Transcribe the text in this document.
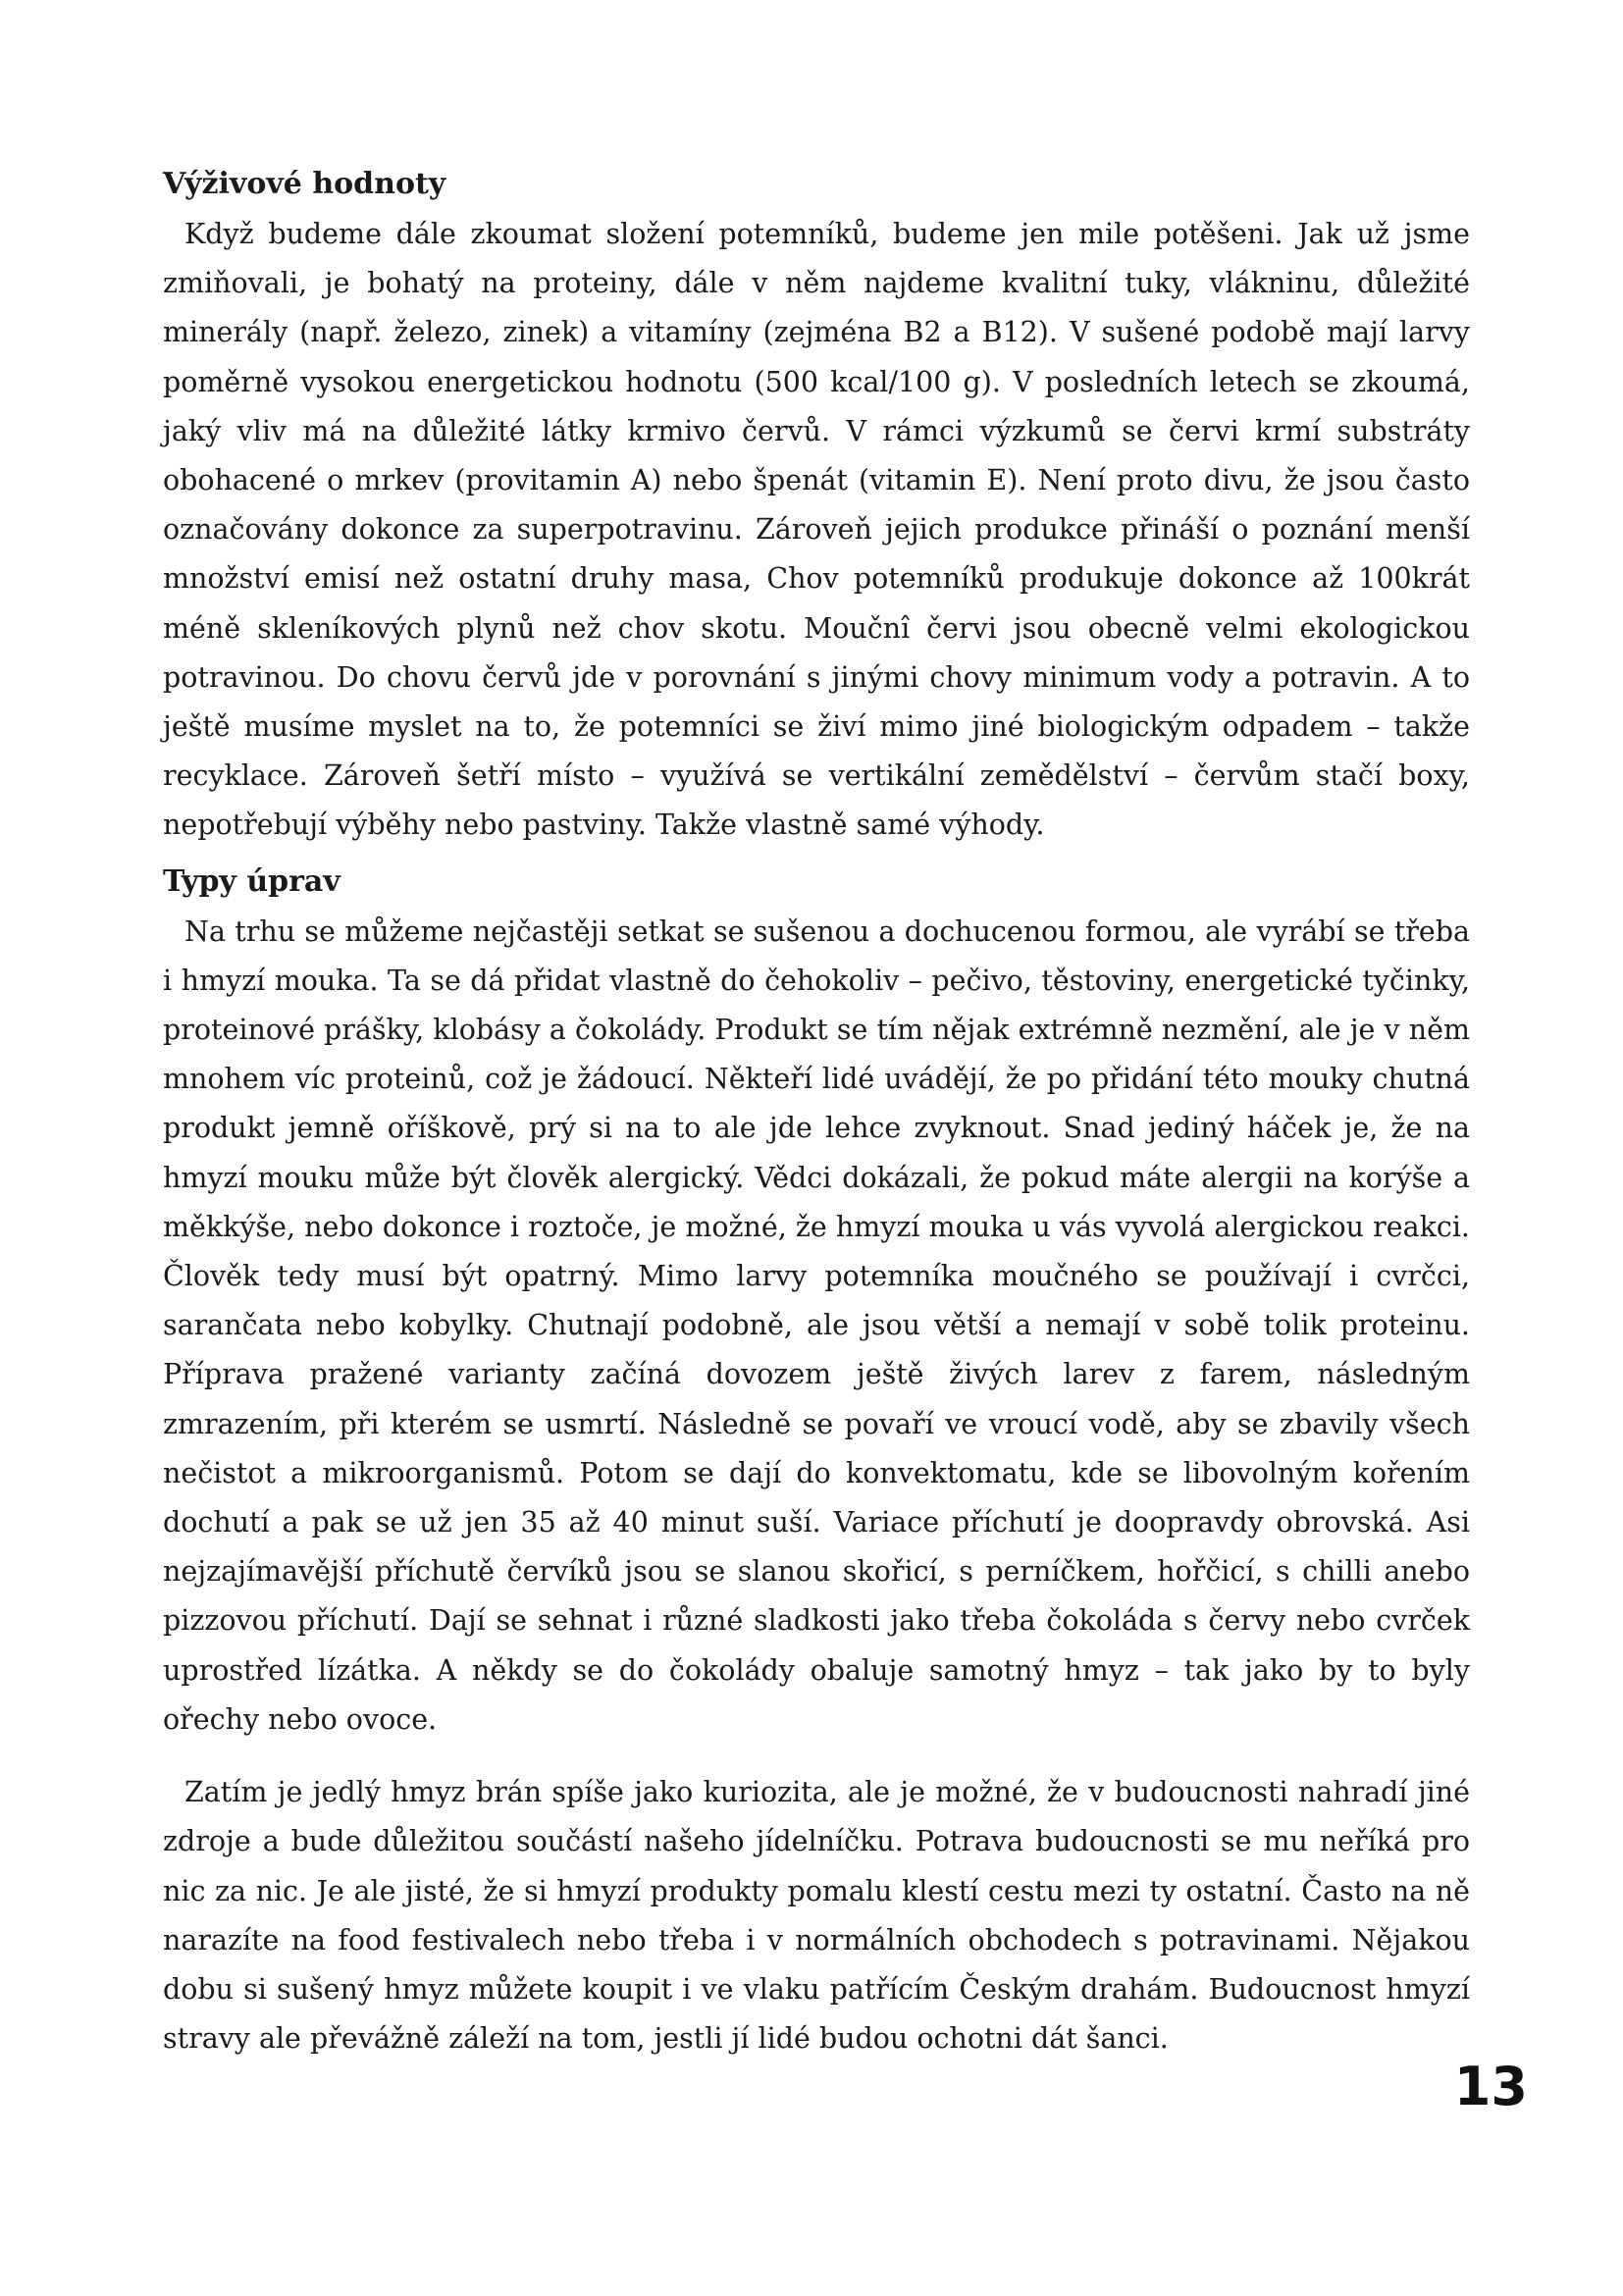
Výživové hodnoty

Když budeme dále zkoumat složení potemníků, budeme jen mile potěšeni. Jak už jsme zmiňovali, je bohatý na proteiny, dále v něm najdeme kvalitní tuky, vlákninu, důležité minerály (např. železo, zinek) a vitamíny (zejména B2 a B12). V sušené podobě mají larvy poměrně vysokou energetickou hodnotu (500 kcal/100 g). V posledních letech se zkoumá, jaký vliv má na důležité látky krmivo červů. V rámci výzkumů se červi krmí substráty obohacené o mrkev (provitamin A) nebo špenát (vitamin E). Není proto divu, že jsou často označovány dokonce za superpotravinu. Zároveň jejich produkce přináší o poznání menší množství emisí než ostatní druhy masa, Chov potemníků produkuje dokonce až 100krát méně skleníkových plynů než chov skotu. Moučnî červi jsou obecně velmi ekologickou potravinou. Do chovu červů jde v porovnání s jinými chovy minimum vody a potravin. A to ještě musíme myslet na to, že potemníci se živí mimo jiné biologickým odpadem – takže recyklace. Zároveň šetří místo – využívá se vertikální zemědělství – červům stačí boxy, nepotřebují výběhy nebo pastviny. Takže vlastně samé výhody.

Typy úprav

Na trhu se můžeme nejčastěji setkat se sušenou a dochucenou formou, ale vyrábí se třeba i hmyzí mouka. Ta se dá přidat vlastně do čehokoliv – pečivo, těstoviny, energetické tyčinky, proteinové prášky, klobásy a čokolády. Produkt se tím nějak extrémně nezmění, ale je v něm mnohem víc proteinů, což je žádoucí. Někteří lidé uvádějí, že po přidání této mouky chutná produkt jemně oříškově, prý si na to ale jde lehce zvyknout. Snad jediný háček je, že na hmyzí mouku může být člověk alergický. Vědci dokázali, že pokud máte alergii na korýše a měkkýše, nebo dokonce i roztoče, je možné, že hmyzí mouka u vás vyvolá alergickou reakci. Člověk tedy musí být opatrný. Mimo larvy potemníka moučného se používají i cvrčci, sarančata nebo kobylky. Chutnají podobně, ale jsou větší a nemají v sobě tolik proteinu. Příprava pražené varianty začíná dovozem ještě živých larev z farem, následným zmrazením, při kterém se usmrtí. Následně se povaří ve vroucí vodě, aby se zbavily všech nečistot a mikroorganismů. Potom se dají do konvektomatu, kde se libovolným kořením dochutí a pak se už jen 35 až 40 minut suší. Variace příchutí je doopravdy obrovská. Asi nejzajímavější příchutě červíků jsou se slanou skořicí, s perníčkem, hořčicí, s chilli anebo pizzovou příchutí. Dají se sehnat i různé sladkosti jako třeba čokoláda s červy nebo cvrček uprostřed lízátka. A někdy se do čokolády obaluje samotný hmyz – tak jako by to byly ořechy nebo ovoce.

Zatím je jedlý hmyz brán spíše jako kuriozita, ale je možné, že v budoucnosti nahradí jiné zdroje a bude důležitou součástí našeho jídelníčku. Potrava budoucnosti se mu neříká pro nic za nic. Je ale jisté, že si hmyzí produkty pomalu klestí cestu mezi ty ostatní. Často na ně narazíte na food festivalech nebo třeba i v normálních obchodech s potravinami. Nějakou dobu si sušený hmyz můžete koupit i ve vlaku patřícím Českým drahám. Budoucnost hmyzí stravy ale převážně záleží na tom, jestli jí lidé budou ochotni dát šanci.

13
